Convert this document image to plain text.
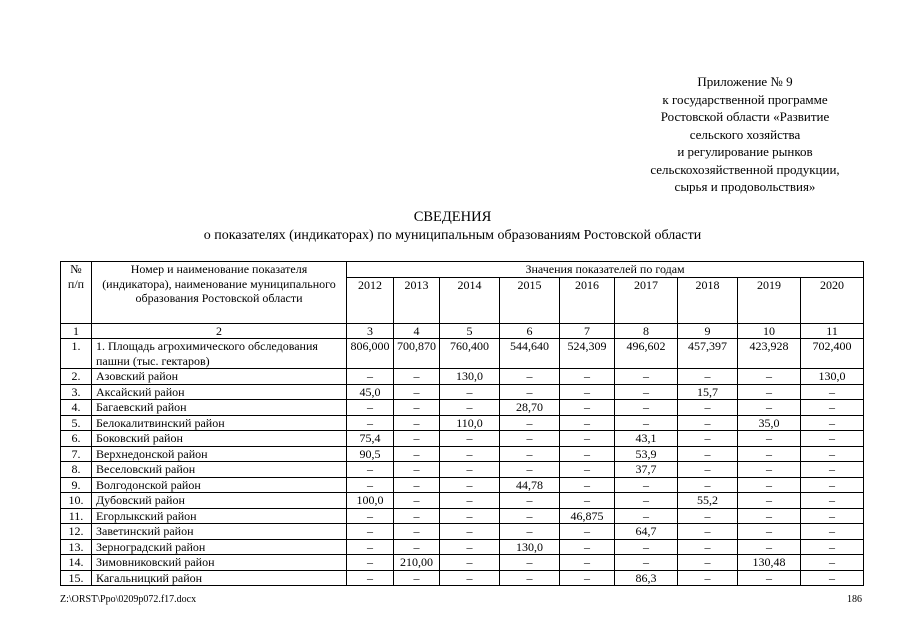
Приложение № 9
к государственной программе
Ростовской области «Развитие
сельского хозяйства
и регулирование рынков
сельскохозяйственной продукции,
сырья и продовольствия»
СВЕДЕНИЯ
о показателях (индикаторах) по муниципальным образованиям Ростовской области
№ п/п	Номер и наименование показателя (индикатора), наименование муниципального образования Ростовской области	Значения показателей по годам								
		2012	2013	2014	2015	2016	2017	2018	2019	2020
1	2	3	4	5	6	7	8	9	10	11
1.	1. Площадь агрохимического обследования пашни (тыс. гектаров)	806,000	700,870	760,400	544,640	524,309	496,602	457,397	423,928	702,400
2.	Азовский район	–	–	130,0	–	–	–	–	–	130,0
3.	Аксайский район	45,0	–	–	–	–	–	15,7	–	–
4.	Багаевский район	–	–	–	28,70	–	–	–	–	–
5.	Белокалитвинский район	–	–	110,0	–	–	–	–	35,0	–
6.	Боковский район	75,4	–	–	–	–	43,1	–	–	–
7.	Верхнедонской район	90,5	–	–	–	–	53,9	–	–	–
8.	Веселовский район	–	–	–	–	–	37,7	–	–	–
9.	Волгодонской район	–	–	–	44,78	–	–	–	–	–
10.	Дубовский район	100,0	–	–	–	–	–	55,2	–	–
11.	Егорлыкский район	–	–	–	–	46,875	–	–	–	–
12.	Заветинский район	–	–	–	–	–	64,7	–	–	–
13.	Зерноградский район	–	–	–	130,0	–	–	–	–	–
14.	Зимовниковский район	–	210,00	–	–	–	–	–	130,48	–
15.	Кагальницкий район	–	–	–	–	–	86,3	–	–	–
Z:\ORST\Ppo\0209p072.f17.docx	186
